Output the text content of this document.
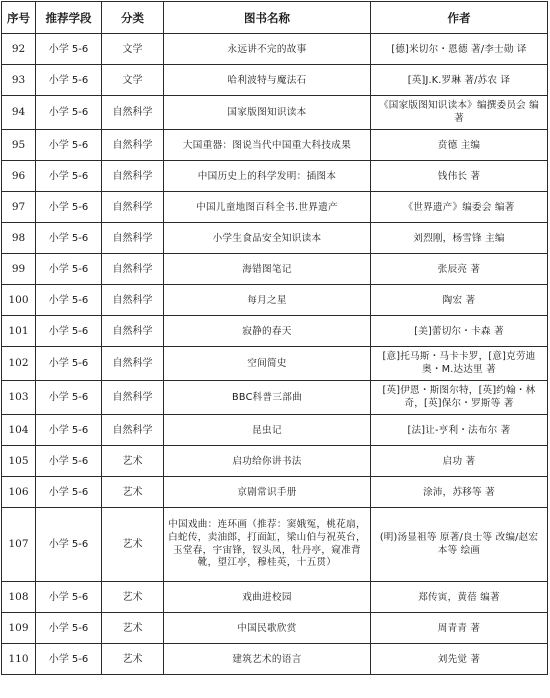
序号	推荐学段	分类	图书名称	作者
92	小学 5-6	文学	永远讲不完的故事	[德]米切尔・恩德 著/李士勋 译
93	小学 5-6	文学	哈利波特与魔法石	[英]J.K.罗琳 著/苏农 译
94	小学 5-6	自然科学	国家版图知识读本	《国家版图知识读本》编撰委员会 编著
95	小学 5-6	自然科学	大国重器：图说当代中国重大科技成果	贲德 主编
96	小学 5-6	自然科学	中国历史上的科学发明：插图本	钱伟长 著
97	小学 5-6	自然科学	中国儿童地图百科全书.世界遗产	《世界遗产》编委会 编著
98	小学 5-6	自然科学	小学生食品安全知识读本	刘烈刚，杨雪锋 主编
99	小学 5-6	自然科学	海错图笔记	张辰亮 著
100	小学 5-6	自然科学	每月之星	陶宏 著
101	小学 5-6	自然科学	寂静的春天	[美]蕾切尔・卡森 著
102	小学 5-6	自然科学	空间简史	[意]托马斯・马卡卡罗，[意]克劳迪奥・M.达达里 著
103	小学 5-6	自然科学	BBC科普三部曲	[英]伊恩・斯图尔特，[英]约翰・林奇，[英]保尔・罗斯等 著
104	小学 5-6	自然科学	昆虫记	[法]让-亨利・法布尔 著
105	小学 5-6	艺术	启功给你讲书法	启功 著
106	小学 5-6	艺术	京剧常识手册	涂沛，苏移等 著
107	小学 5-6	艺术	中国戏曲：连环画（推荐：窦娥冤，桃花扇，白蛇传，卖油郎，打面缸，梁山伯与祝英台，玉堂春，宇宙锋，钗头凤，牡丹亭，窥准背靴，望江亭，穆桂英，十五贯）	(明)汤显祖等 原著/良士等 改编/赵宏本等 绘画
108	小学 5-6	艺术	戏曲进校园	郑传寅，黄蓓 编著
109	小学 5-6	艺术	中国民歌欣赏	周青青 著
110	小学 5-6	艺术	建筑艺术的语言	刘先觉 著
